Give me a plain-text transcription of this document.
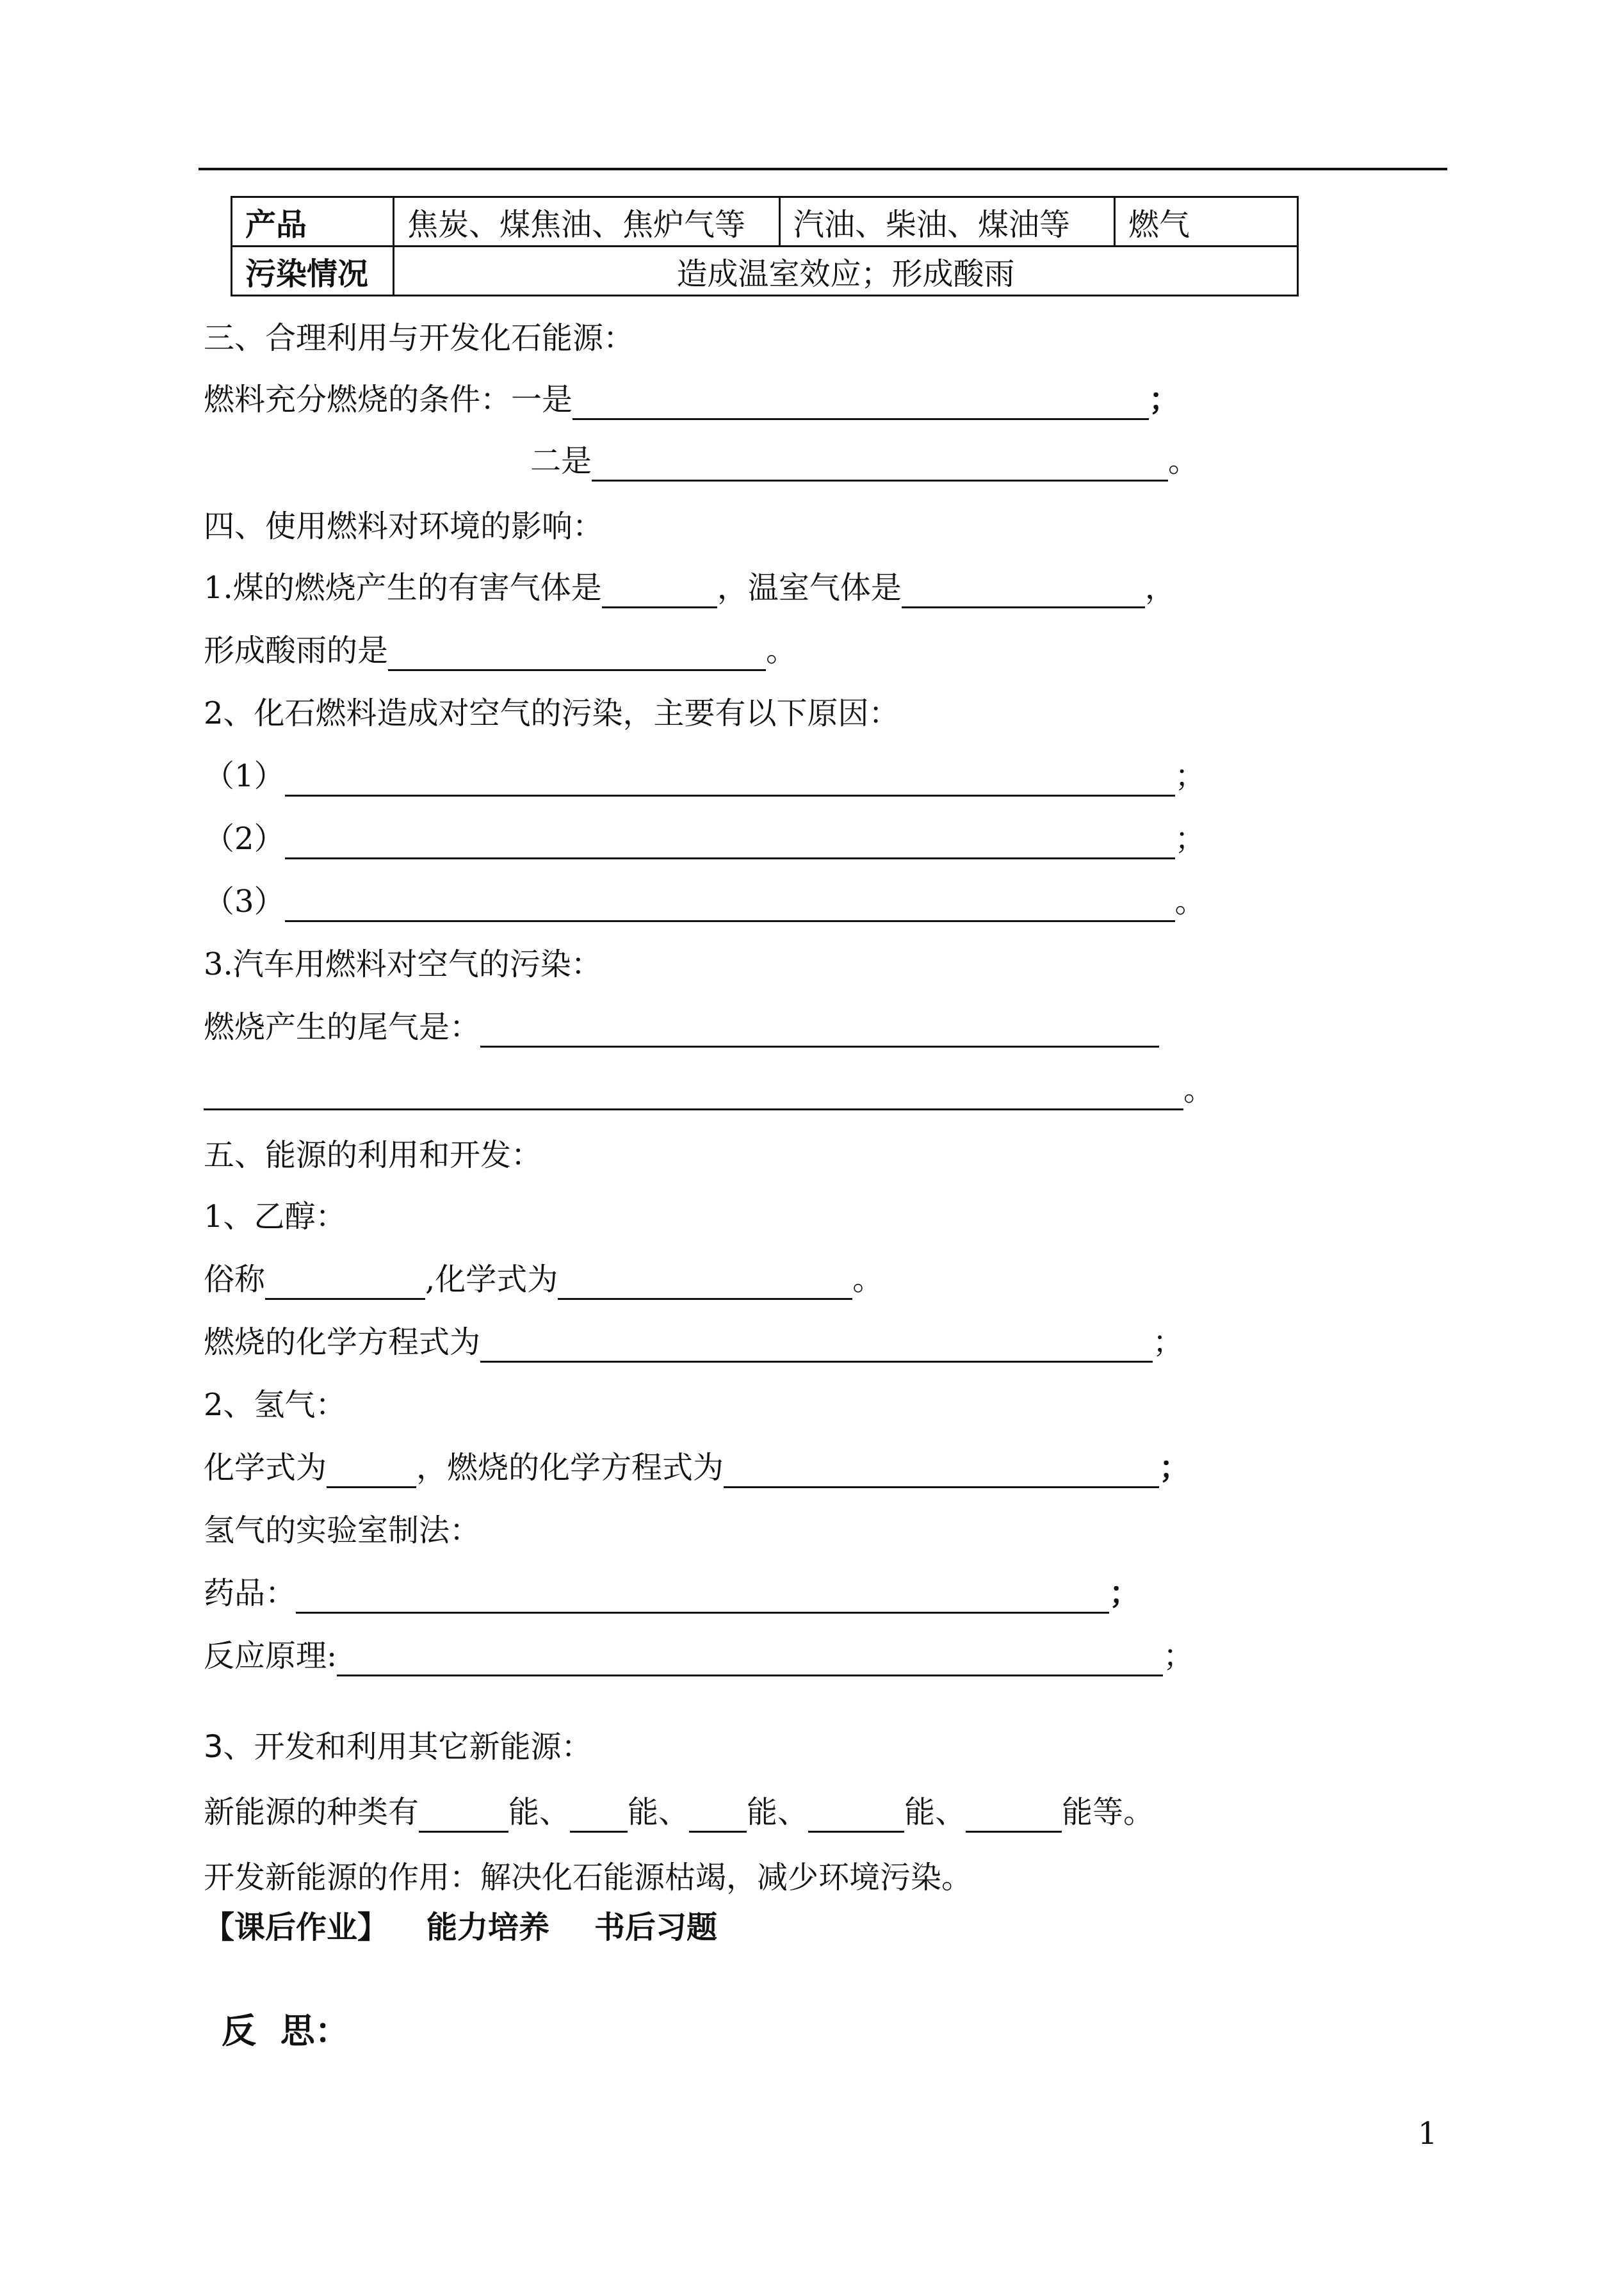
产品	焦炭、煤焦油、焦炉气等	汽油、柴油、煤油等	燃气
污染情况	造成温室效应；形成酸雨		
三、合理利用与开发化石能源：
燃料充分燃烧的条件：一是	；
二是	。
四、使用燃料对环境的影响：
1.煤的燃烧产生的有害气体是	，温室气体是	，
形成酸雨的是	。
2、化石燃料造成对空气的污染，主要有以下原因：
（1）	；
（2）	；
（3）	。
3.汽车用燃料对空气的污染：
燃烧产生的尾气是：
。
五、能源的利用和开发：
1、乙醇：
俗称	,化学式为	。
燃烧的化学方程式为	；
2、氢气：
化学式为	，燃烧的化学方程式为	；
氢气的实验室制法：
药品：	；
反应原理:	；
3、开发和利用其它新能源：
新能源的种类有	能、 能、 能、	能、	能等。
开发新能源的作用：解决化石能源枯竭，减少环境污染。
【课后作业】 能力培养 书后习题
反  思：
1
